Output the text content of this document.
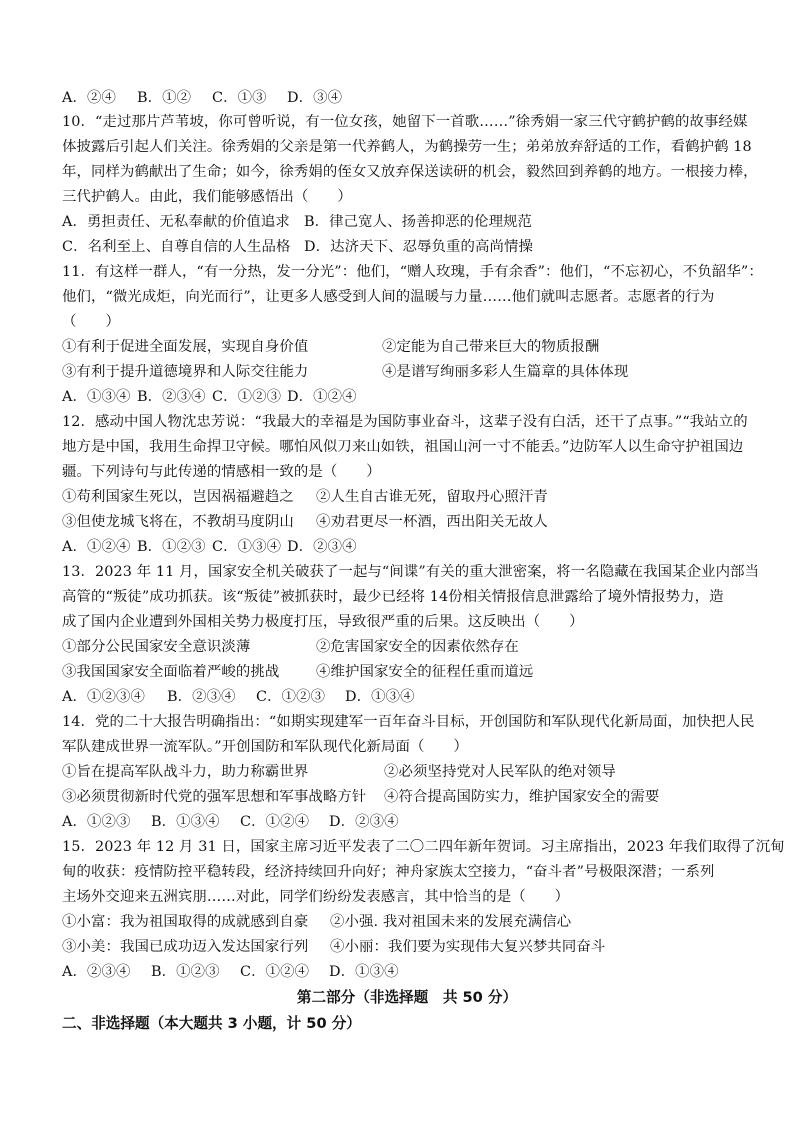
A．②④ B．①② C．①③ D．③④
10．“走过那片芦苇坡，你可曾听说，有一位女孩，她留下一首歌……”徐秀娟一家三代守鹤护鹤的故事经媒
体披露后引起人们关注。徐秀娟的父亲是第一代养鹤人，为鹤操劳一生；弟弟放弃舒适的工作，看鹤护鹤 18
年，同样为鹤献出了生命；如今，徐秀娟的侄女又放弃保送读研的机会，毅然回到养鹤的地方。一根接力棒，
三代护鹤人。由此，我们能够感悟出（　　）
A．勇担责任、无私奉献的价值追求 B．律己宽人、扬善抑恶的伦理规范
C．名利至上、自尊自信的人生品格 D．达济天下、忍辱负重的高尚情操
11．有这样一群人，“有一分热，发一分光”：他们，“赠人玫瑰，手有余香”：他们，“不忘初心，不负韶华”：
他们，“微光成炬，向光而行”，让更多人感受到人间的温暖与力量……他们就叫志愿者。志愿者的行为
（　　）
①有利于促进全面发展，实现自身价值	②定能为自己带来巨大的物质报酬
③有利于提升道德境界和人际交往能力	④是谱写绚丽多彩人生篇章的具体体现
A．①③④ B．②③④ C．①②③ D．①②④
12．感动中国人物沈忠芳说：“我最大的幸福是为国防事业奋斗，这辈子没有白活，还干了点事。”“我站立的
地方是中国，我用生命捍卫守候。哪怕风似刀来山如铁，祖国山河一寸不能丢。”边防军人以生命守护祖国边
疆。下列诗句与此传递的情感相一致的是（　　）
①苟利国家生死以，岂因祸福避趋之 ②人生自古谁无死，留取丹心照汗青
③但使龙城飞将在，不教胡马度阴山 ④劝君更尽一杯酒，西出阳关无故人
A．①②④ B．①②③ C．①③④ D．②③④
13．2023 年 11 月，国家安全机关破获了一起与“间谍”有关的重大泄密案，将一名隐藏在我国某企业内部当
高管的“叛徒”成功抓获。该“叛徒”被抓获时，最少已经将 14份相关情报信息泄露给了境外情报势力，造
成了国内企业遭到外国相关势力极度打压，导致很严重的后果。这反映出（　　）
①部分公民国家安全意识淡薄	②危害国家安全的因素依然存在
③我国国家安全面临着严峻的挑战	④维护国家安全的征程任重而道远
A．①②③④ B．②③④ C．①②③ D．①③④
14．党的二十大报告明确指出：“如期实现建军一百年奋斗目标，开创国防和军队现代化新局面，加快把人民
军队建成世界一流军队。”开创国防和军队现代化新局面（　　）
①旨在提高军队战斗力，助力称霸世界	②必须坚持党对人民军队的绝对领导
③必须贯彻新时代党的强军思想和军事战略方针 ④符合提高国防实力，维护国家安全的需要
A．①②③ B．①③④ C．①②④ D．②③④
15．2023 年 12 月 31 日，国家主席习近平发表了二〇二四年新年贺词。习主席指出，2023 年我们取得了沉甸
甸的收获：疫情防控平稳转段，经济持续回升向好；神舟家族太空接力，“奋斗者”号极限深潜；一系列
主场外交迎来五洲宾朋……对此，同学们纷纷发表感言，其中恰当的是（　　）
①小富：我为祖国取得的成就感到自豪 ②小强. 我对祖国未来的发展充满信心
③小美：我国已成功迈入发达国家行列 ④小丽：我们要为实现伟大复兴梦共同奋斗
A．②③④ B．①②③ C．①②④ D．①③④
第二部分（非选择题　共 50 分）
二、非选择题（本大题共 3 小题，计 50 分）
